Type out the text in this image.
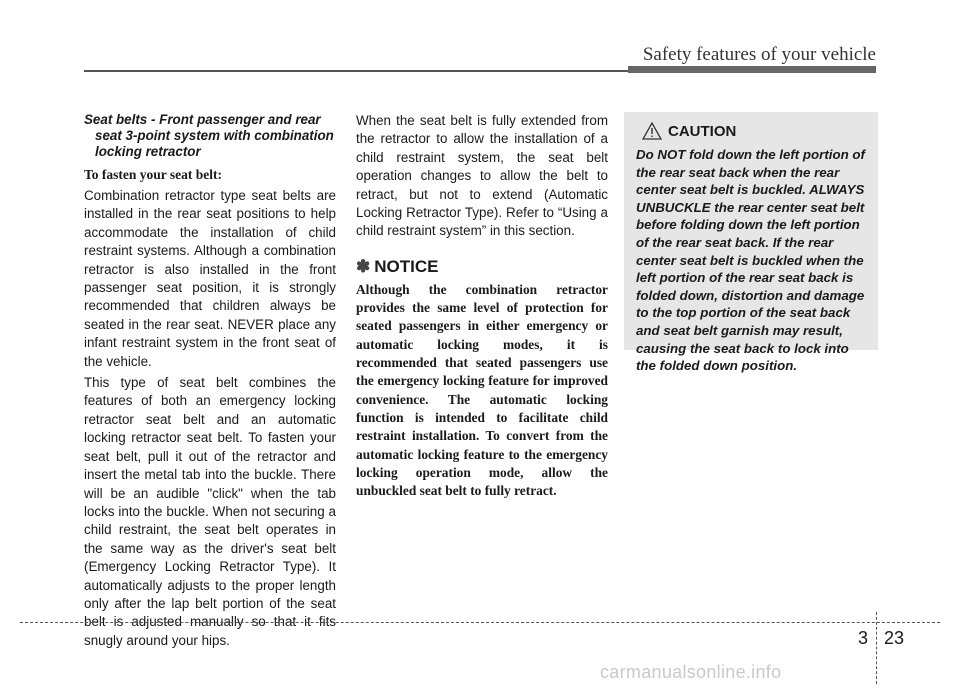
Safety features of your vehicle
Seat belts - Front passenger and rear
seat 3-point system with combination
locking retractor
To fasten your seat belt:

Combination retractor type seat belts are installed in the rear seat positions to help accommodate the installation of child restraint systems. Although a combination retractor is also installed in the front passenger seat position, it is strongly recommended that children always be seated in the rear seat. NEVER place any infant restraint system in the front seat of the vehicle.

This type of seat belt combines the features of both an emergency locking retractor seat belt and an automatic locking retractor seat belt. To fasten your seat belt, pull it out of the retractor and insert the metal tab into the buckle. There will be an audible "click" when the tab locks into the buckle. When not securing a child restraint, the seat belt operates in the same way as the driver's seat belt (Emergency Locking Retractor Type). It automatically adjusts to the proper length only after the lap belt portion of the seat belt is adjusted manually so that it fits snugly around your hips.

When the seat belt is fully extended from the retractor to allow the installation of a child restraint system, the seat belt operation changes to allow the belt to retract, but not to extend (Automatic Locking Retractor Type). Refer to “Using a child restraint system” in this section.

✽ NOTICE

Although the combination retractor provides the same level of protection for seated passengers in either emergency or automatic locking modes, it is recommended that seated passengers use the emergency locking feature for improved convenience. The automatic locking function is intended to facilitate child restraint installation. To convert from the automatic locking feature to the emergency locking operation mode, allow the unbuckled seat belt to fully retract.

CAUTION

Do NOT fold down the left portion of the rear seat back when the rear center seat belt is buckled. ALWAYS UNBUCKLE the rear center seat belt before folding down the left portion of the rear seat back. If the rear center seat belt is buckled when the left portion of the rear seat back is folded down, distortion and damage to the top portion of the seat back and seat belt garnish may result, causing the seat back to lock into the folded down position.

3 23
carmanualsonline.info
